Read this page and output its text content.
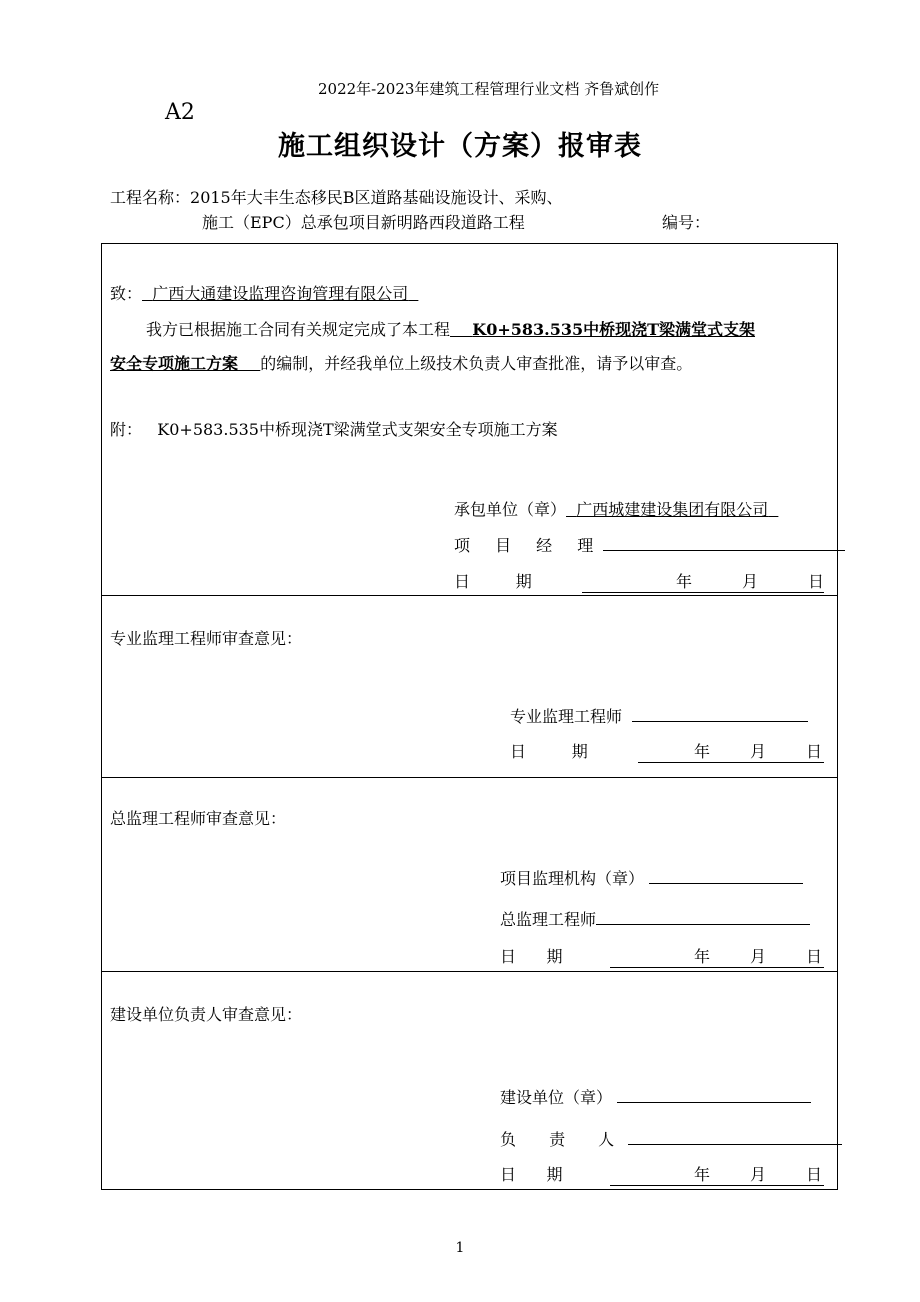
2022年-2023年建筑工程管理行业文档 齐鲁斌创作
A2
施工组织设计（方案）报审表
工程名称：2015年大丰生态移民B区道路基础设施设计、采购、
施工（EPC）总承包项目新明路西段道路工程	编号：
致： 广西大通建设监理咨询管理有限公司
我方已根据施工合同有关规定完成了本工程 K0+583.535中桥现浇T梁满堂式支架
安全专项施工方案 的编制，并经我单位上级技术负责人审查批准，请予以审查。
附： K0+583.535中桥现浇T梁满堂式支架安全专项施工方案
承包单位（章） 广西城建建设集团有限公司
项 目 经 理
日         期	年	月	日
专业监理工程师审查意见：
专业监理工程师
日         期	年	月	日
总监理工程师审查意见：
项目监理机构（章）
总监理工程师
日      期	年	月	日
建设单位负责人审查意见：
建设单位（章）
负 责 人
日      期	年	月	日
1
